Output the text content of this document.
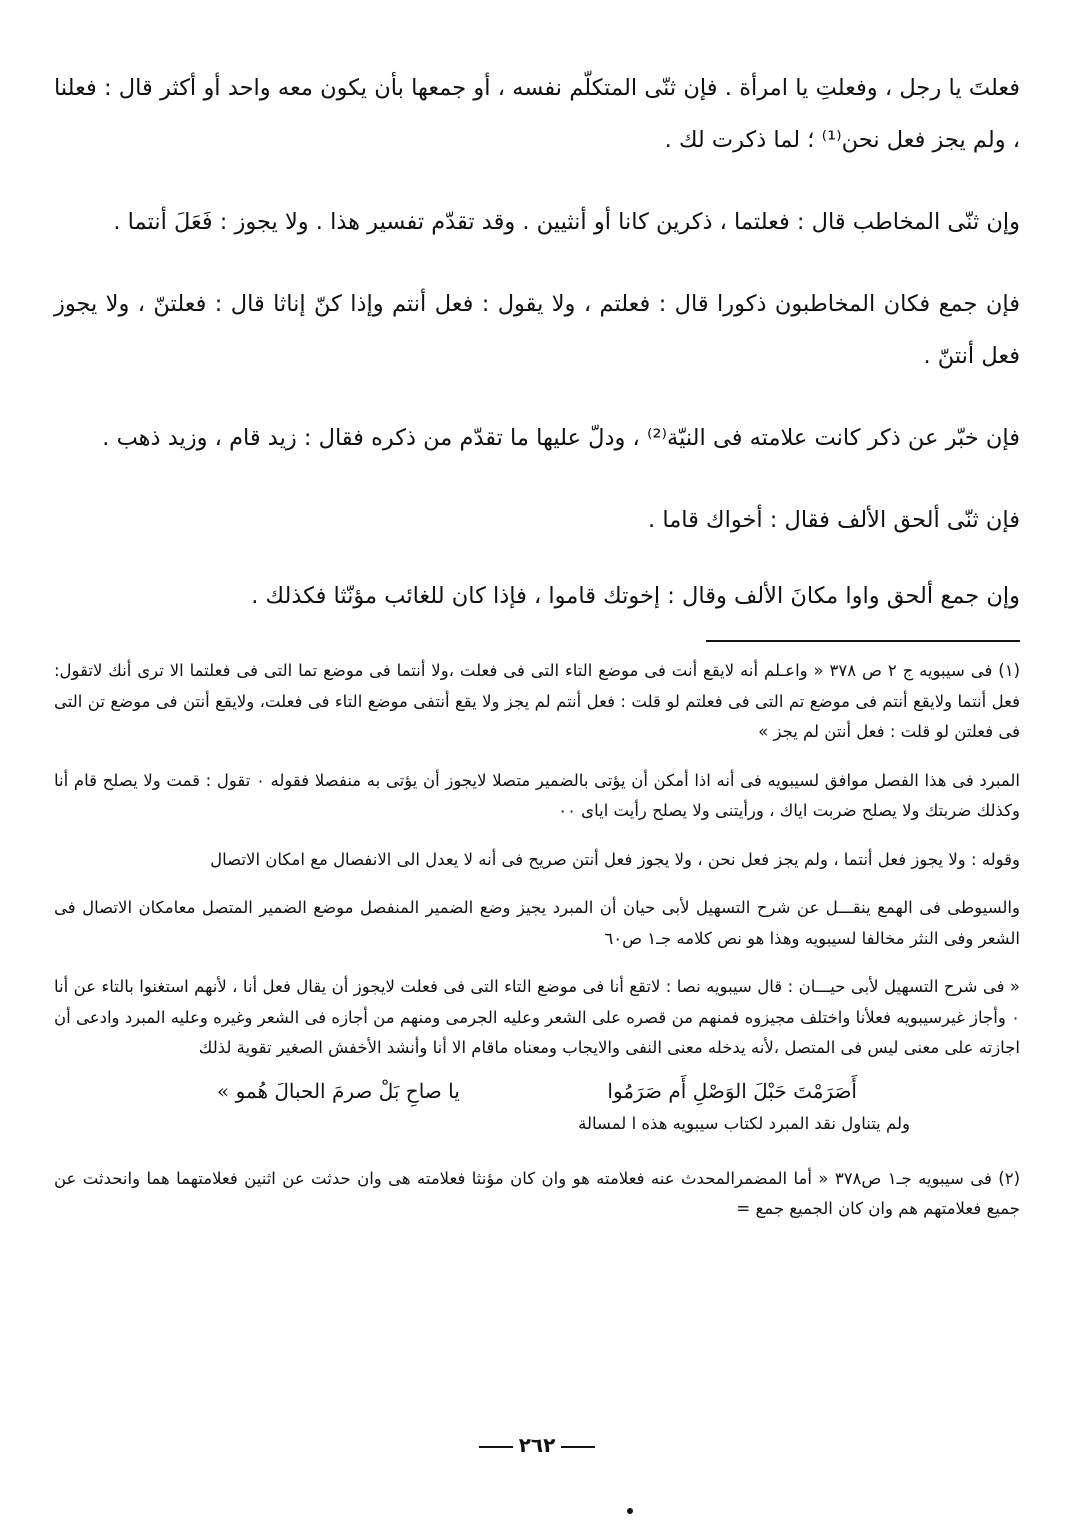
فعلتَ يا رجل ، وفعلتِ يا امرأة . فإن ثنّى المتكلّم نفسه ، أو جمعها بأن يكون معه واحد أو أكثر قال : فعلنا ، ولم يجز فعل نحن⁽¹⁾ ؛ لما ذكرت لك .

وإن ثنّى المخاطب قال : فعلتما ، ذكرين كانا أو أنثيين . وقد تقدّم تفسير هذا . ولا يجوز : فَعَلَ أنتما .

فإن جمع فكان المخاطبون ذكورا قال : فعلتم ، ولا يقول : فعل أنتم وإذا كنّ إناثا قال : فعلتنّ ، ولا يجوز فعل أنتنّ .

فإن خبّر عن ذكر كانت علامته فى النيّة⁽²⁾ ، ودلّ عليها ما تقدّم من ذكره فقال : زيد قام ، وزيد ذهب .

فإن ثنّى ألحق الألف فقال : أخواك قاما .

وإن جمع ألحق واوا مكانَ الألف وقال : إخوتك قاموا ، فإذا كان للغائب مؤنّثا فكذلك .

(١) فى سيبويه ج ٢ ص ٣٧٨ « واعـلم أنه لايقع أنت فى موضع التاء التى فى فعلت ،ولا أنتما فى موضع تما التى فى فعلتما الا ترى أنك لاتقول: فعل أنتما ولايقع أنتم فى موضع تم التى فى فعلتم لو قلت : فعل أنتم لم يجز ولا يقع أنتفى موضع التاء فى فعلت، ولايقع أنتن فى موضع تن التى فى فعلتن لو قلت : فعل أنتن لم يجز »

المبرد فى هذا الفصل موافق لسيبويه فى أنه اذا أمكن أن يؤتى بالضمير متصلا لايجوز أن يؤتى به منفصلا فقوله ٠ تقول : قمت ولا يصلح قام أنا وكذلك ضربتك ولا يصلح ضربت اياك ، ورأيتنى ولا يصلح رأيت اياى ٠٠

وقوله : ولا يجوز فعل أنتما ، ولم يجز فعل نحن ، ولا يجوز فعل أنتن صريح فى أنه لا يعدل الى الانفصال مع امكان الاتصال

والسيوطى فى الهمع ينقـــل عن شرح التسهيل لأبى حيان أن المبرد يجيز وضع الضمير المنفصل موضع الضمير المتصل معامكان الاتصال فى الشعر وفى النثر مخالفا لسيبويه وهذا هو نص كلامه جـ١ ص٦٠

« فى شرح التسهيل لأبى حيـــان : قال سيبويه نصا : لاتقع أنا فى موضع التاء التى فى فعلت لايجوز أن يقال فعل أنا ، لأنهم استغنوا بالتاء عن أنا ٠ وأجاز غيرسيبويه فعلأنا واختلف مجيزوه فمنهم من قصره على الشعر وعليه الجرمى ومنهم من أجازه فى الشعر وغيره وعليه المبرد وادعى أن اجازته على معنى ليس فى المتصل ،لأنه يدخله معنى النفى والايجاب ومعناه ماقام الا أنا وأنشد الأخفش الصغير تقوية لذلك

أَصَرَمْتَ حَبْلَ الوَصْلِ أَم صَرَمُوا
يا صاحِ بَلْ صرمَ الحبالَ هُمو »
ولم يتناول نقد المبرد لكتاب سيبويه هذه ا لمسالة

(٢) فى سيبويه جـ١ ص٣٧٨ « أما المضمرالمحدث عنه فعلامته هو وان كان مؤنثا فعلامته هى وان حدثت عن اثنين فعلامتهما هما وانحدثت عن جميع فعلامتهم هم وان كان الجميع جمع =

٢٦٢
